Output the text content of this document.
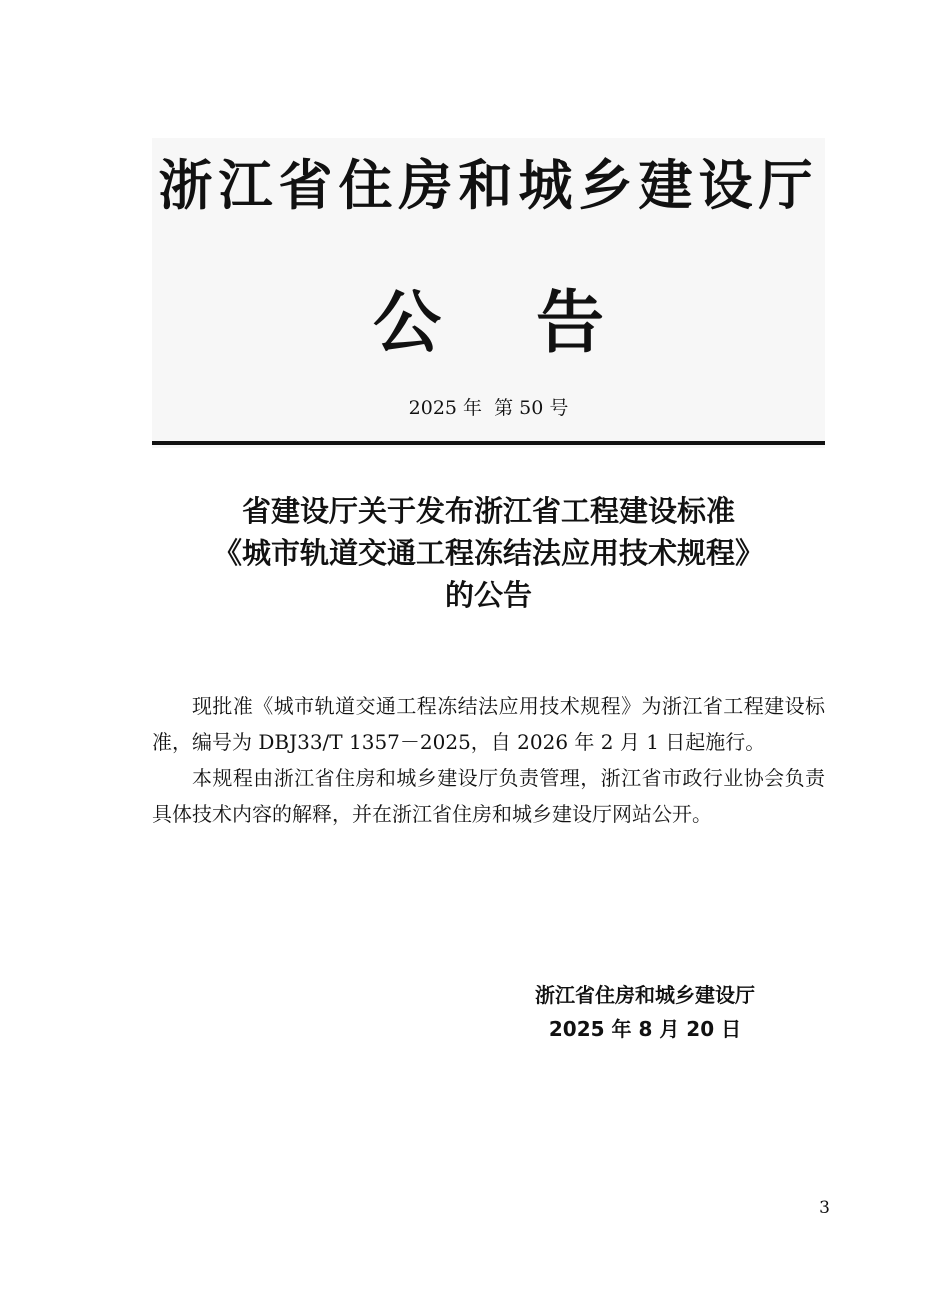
浙江省住房和城乡建设厅
公 告
2025 年 第 50 号
省建设厅关于发布浙江省工程建设标准
《城市轨道交通工程冻结法应用技术规程》
的公告

现批准《城市轨道交通工程冻结法应用技术规程》为浙江省工程建设标准，编号为 DBJ33/T 1357－2025，自 2026 年 2 月 1 日起施行。

本规程由浙江省住房和城乡建设厅负责管理，浙江省市政行业协会负责具体技术内容的解释，并在浙江省住房和城乡建设厅网站公开。

浙江省住房和城乡建设厅
2025 年 8 月 20 日
3
